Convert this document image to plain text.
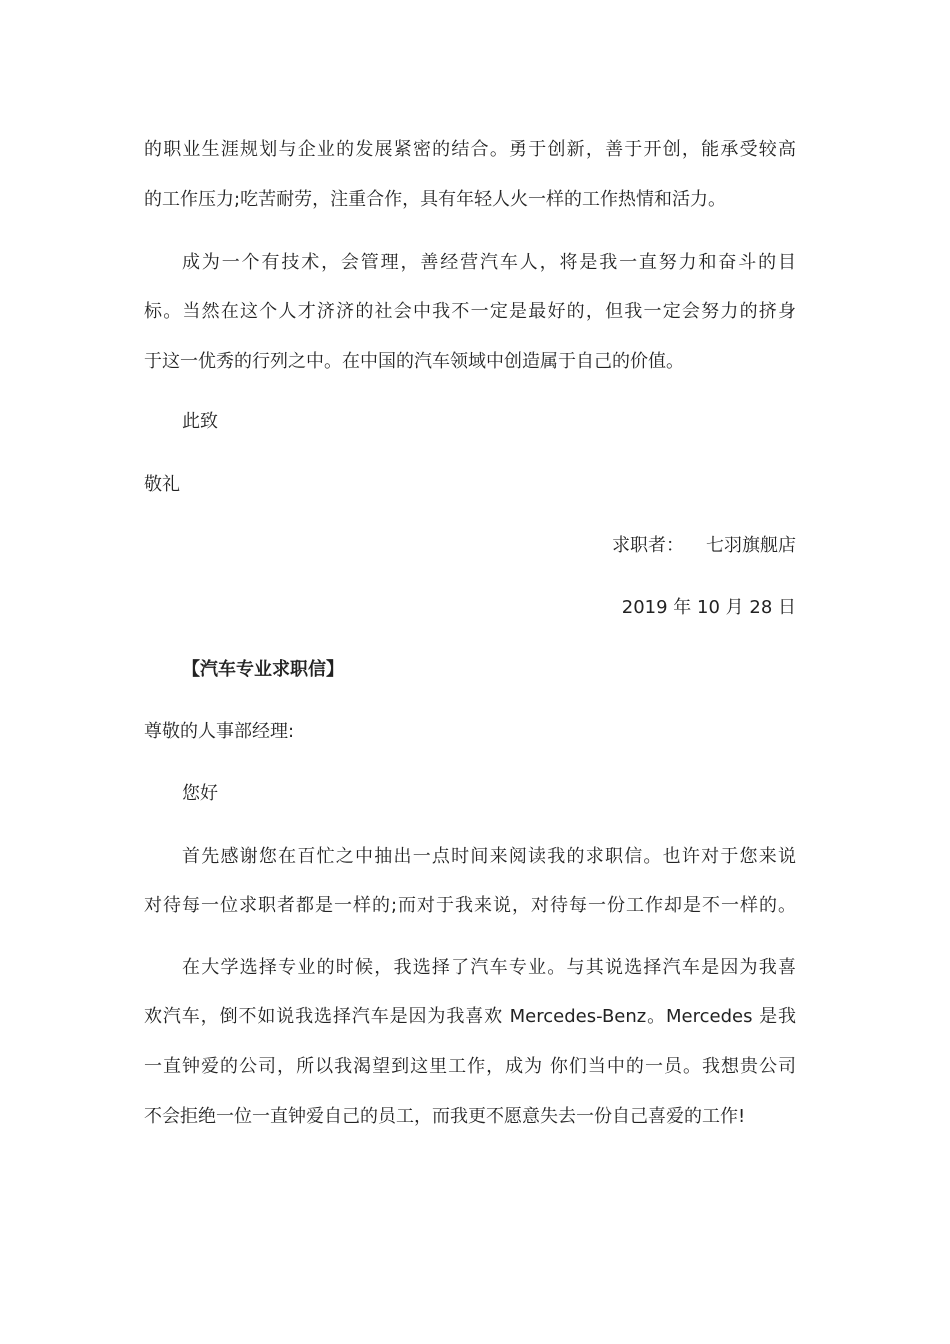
的职业生涯规划与企业的发展紧密的结合。勇于创新，善于开创，能承受较高
的工作压力;吃苦耐劳，注重合作，具有年轻人火一样的工作热情和活力。
成为一个有技术，会管理，善经营汽车人，将是我一直努力和奋斗的目
标。当然在这个人才济济的社会中我不一定是最好的，但我一定会努力的挤身
于这一优秀的行列之中。在中国的汽车领域中创造属于自己的价值。
此致
敬礼
求职者： 七羽旗舰店
2019 年 10 月 28 日
【汽车专业求职信】
尊敬的人事部经理:
您好
首先感谢您在百忙之中抽出一点时间来阅读我的求职信。也许对于您来说
对待每一位求职者都是一样的;而对于我来说，对待每一份工作却是不一样的。
在大学选择专业的时候，我选择了汽车专业。与其说选择汽车是因为我喜
欢汽车，倒不如说我选择汽车是因为我喜欢 Mercedes-Benz。Mercedes 是我
一直钟爱的公司，所以我渴望到这里工作，成为 你们当中的一员。我想贵公司
不会拒绝一位一直钟爱自己的员工，而我更不愿意失去一份自己喜爱的工作!
